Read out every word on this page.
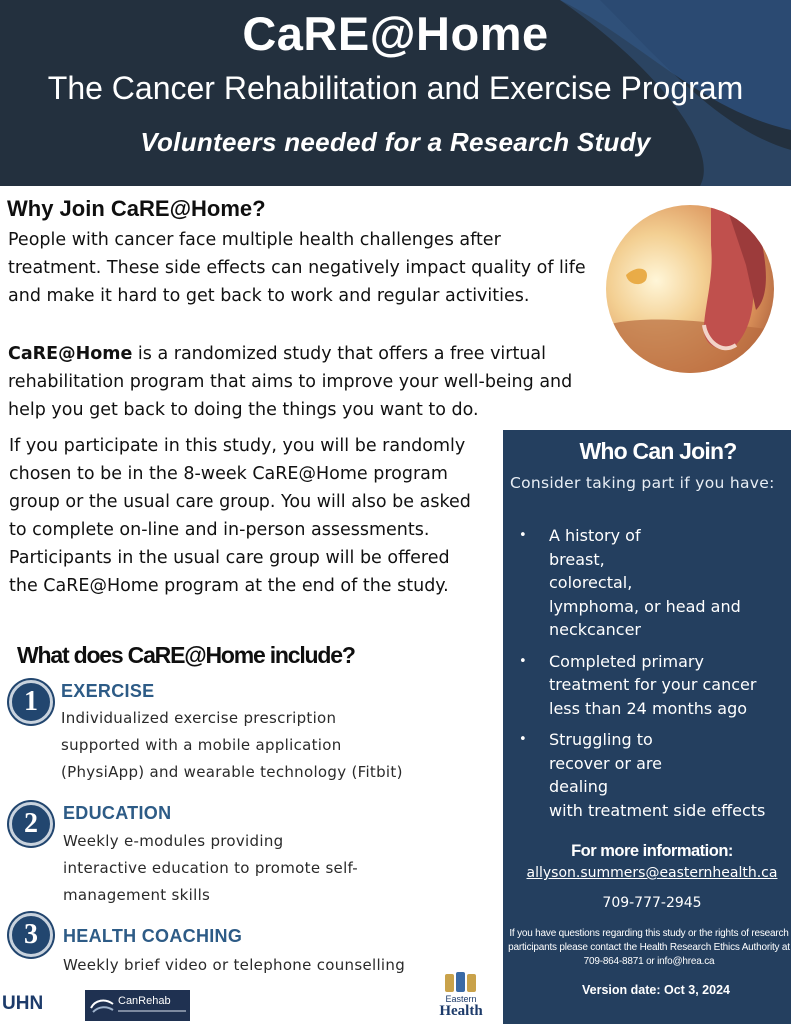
CaRE@Home
The Cancer Rehabilitation and Exercise Program
Volunteers needed for a Research Study
Why Join CaRE@Home?

People with cancer face multiple health challenges after treatment. These side effects can negatively impact quality of life and make it hard to get back to work and regular activities.

CaRE@Home is a randomized study that offers a free virtual rehabilitation program that aims to improve your well-being and help you get back to doing the things you want to do.

If you participate in this study, you will be randomly chosen to be in the 8-week CaRE@Home program group or the usual care group. You will also be asked to complete on-line and in-person assessments. Participants in the usual care group will be offered the CaRE@Home program at the end of the study.

What does CaRE@Home include?
1	EXERCISE
Individualized exercise prescription
supported with a mobile application
(PhysiApp) and wearable technology (Fitbit)
2	EDUCATION
Weekly e-modules providing
interactive education to promote self-
management skills
3	HEALTH COACHING
Weekly brief video or telephone counselling
Who Can Join?
Consider taking part if you have:
• A history of
breast,
colorectal,
lymphoma, or head and
neckcancer
• Completed primary
treatment for your cancer
less than 24 months ago
• Struggling to
recover or are
dealing
with treatment side effects
For more information:
allyson.summers@easternhealth.ca
709-777-2945
If you have questions regarding this study or the rights of research participants please contact the Health Research Ethics Authority at 709-864-8871 or info@hrea.ca
Version date: Oct 3, 2024
UHN	CanRehab	Eastern
Health
